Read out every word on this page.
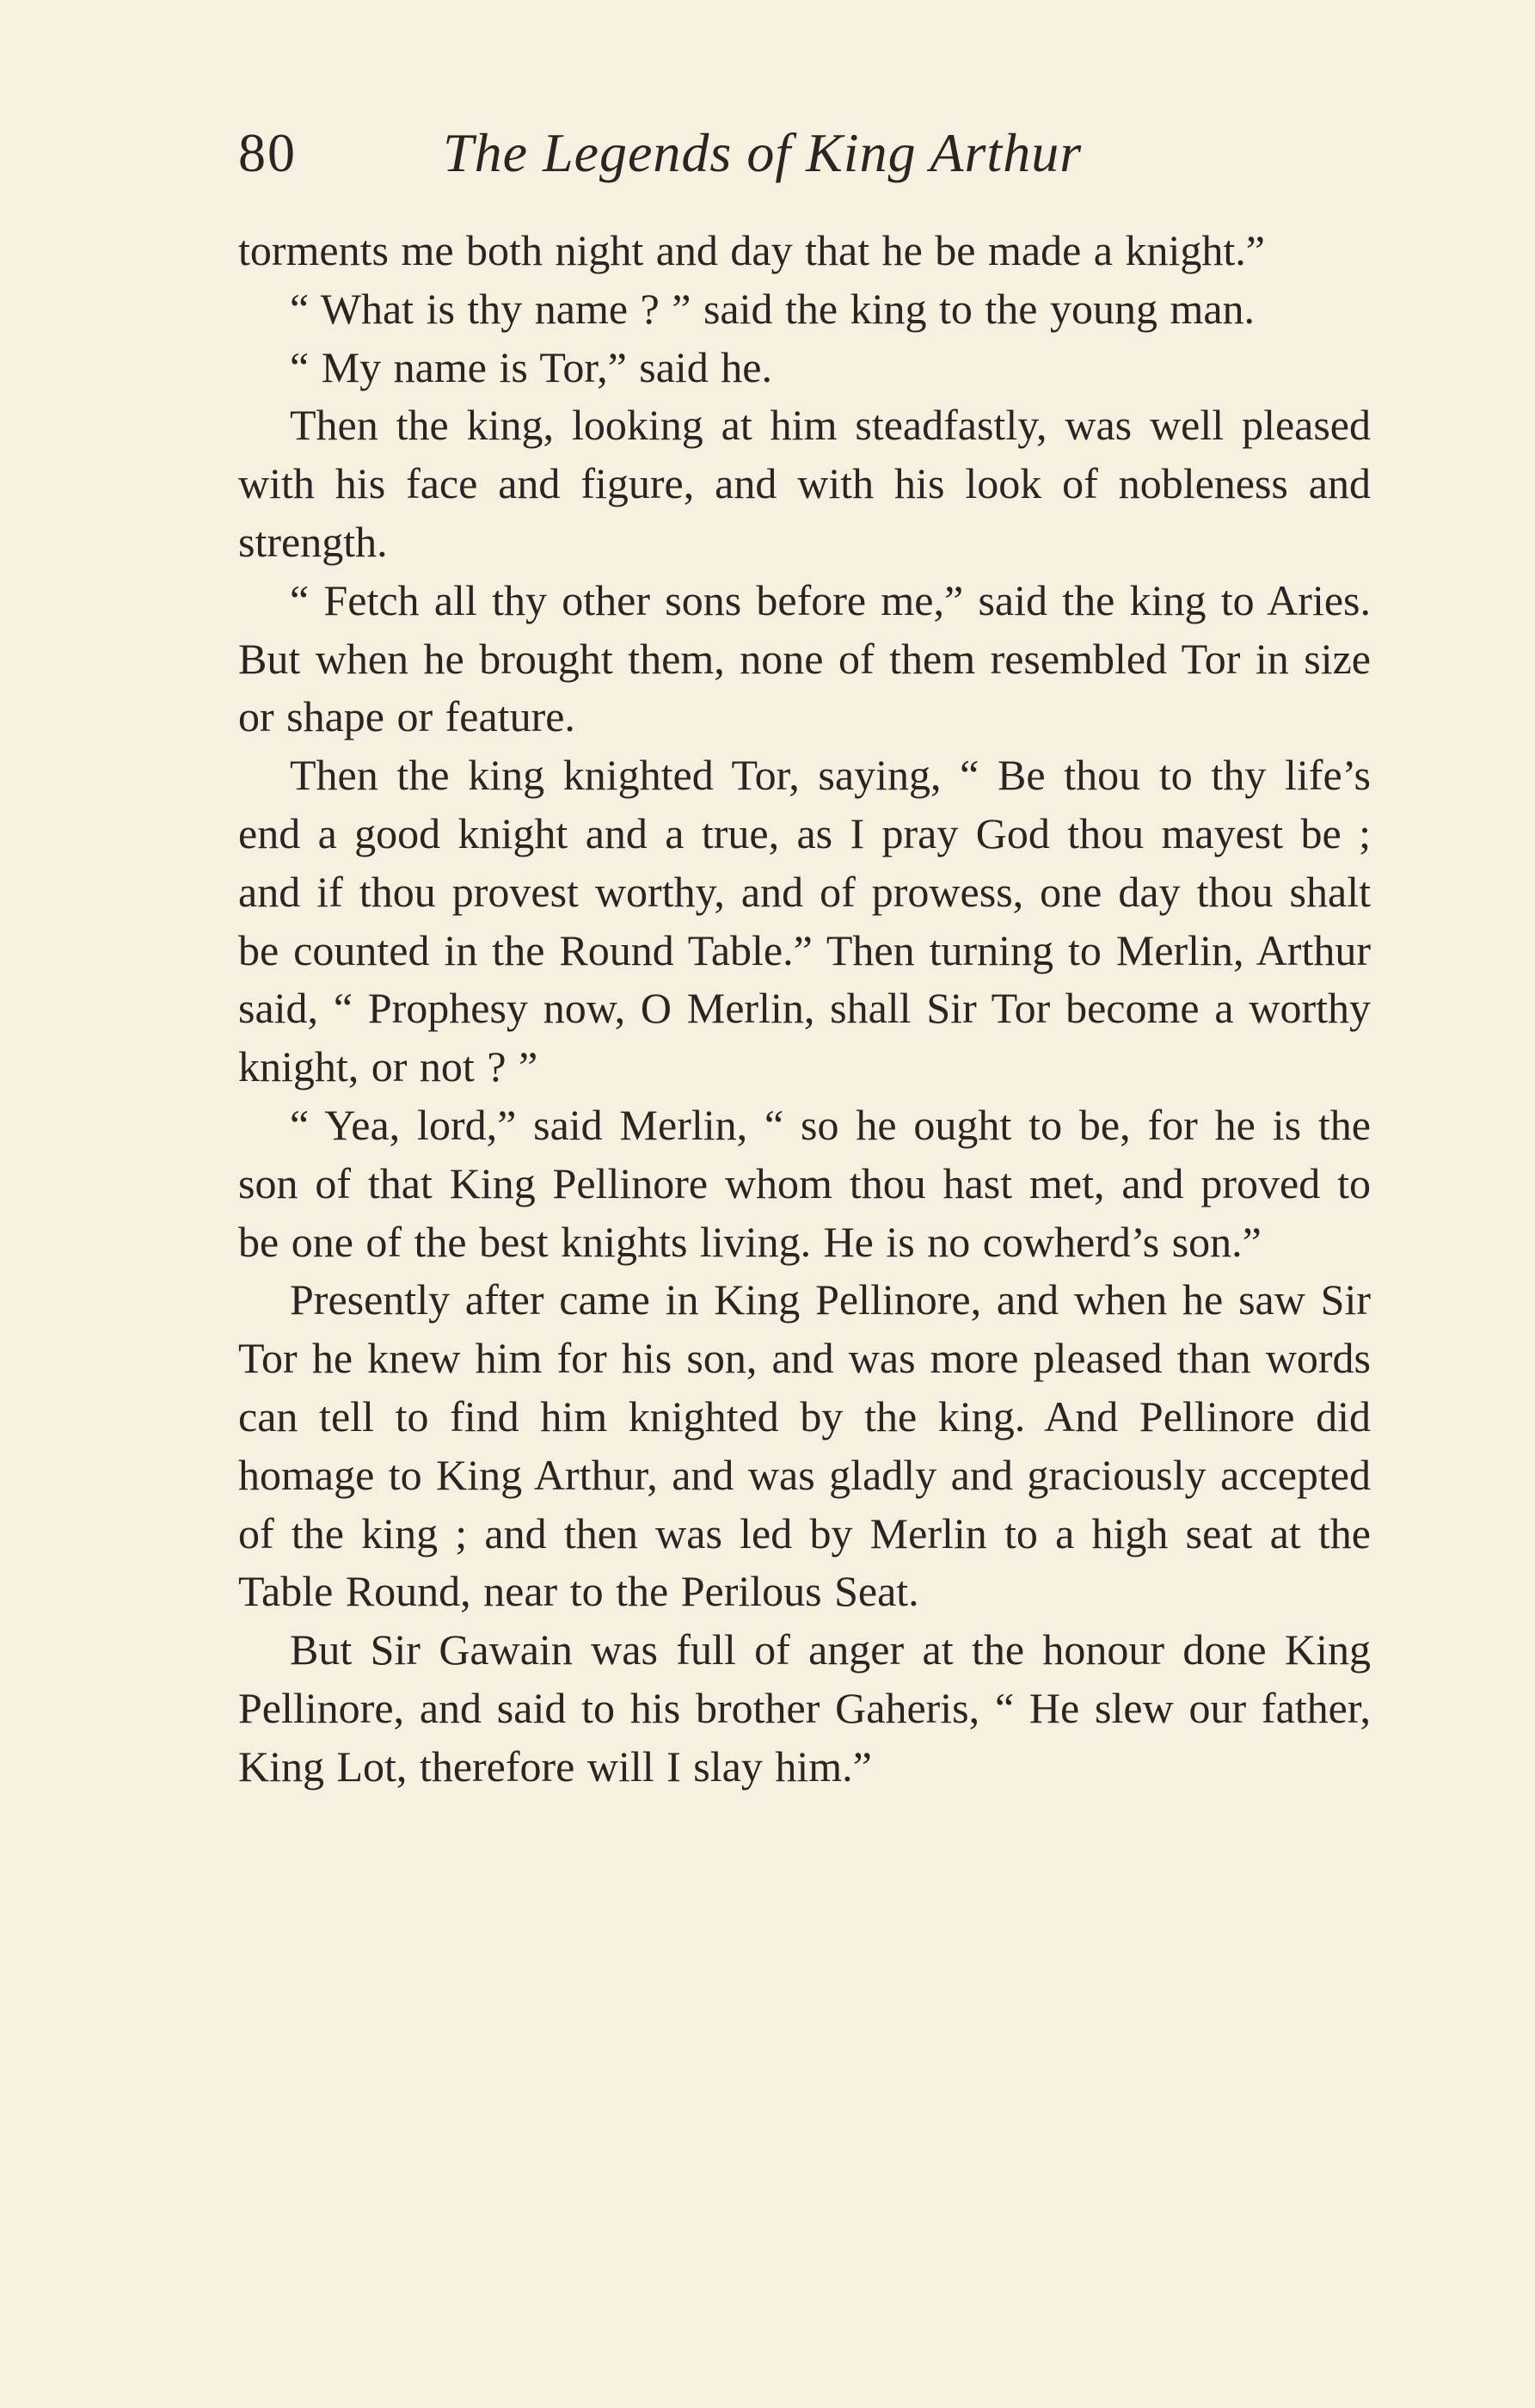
80	The Legends of King Arthur

torments me both night and day that he be made a knight.”

“ What is thy name ? ” said the king to the young man.

“ My name is Tor,” said he.

Then the king, looking at him steadfastly, was well pleased with his face and figure, and with his look of nobleness and strength.

“ Fetch all thy other sons before me,” said the king to Aries. But when he brought them, none of them resembled Tor in size or shape or feature.

Then the king knighted Tor, saying, “ Be thou to thy life’s end a good knight and a true, as I pray God thou mayest be ; and if thou provest worthy, and of prowess, one day thou shalt be counted in the Round Table.” Then turning to Merlin, Arthur said, “ Prophesy now, O Merlin, shall Sir Tor become a worthy knight, or not ? ”

“ Yea, lord,” said Merlin, “ so he ought to be, for he is the son of that King Pellinore whom thou hast met, and proved to be one of the best knights living. He is no cowherd’s son.”

Presently after came in King Pellinore, and when he saw Sir Tor he knew him for his son, and was more pleased than words can tell to find him knighted by the king. And Pellinore did homage to King Arthur, and was gladly and graciously accepted of the king ; and then was led by Merlin to a high seat at the Table Round, near to the Perilous Seat.

But Sir Gawain was full of anger at the honour done King Pellinore, and said to his brother Gaheris, “ He slew our father, King Lot, therefore will I slay him.”
